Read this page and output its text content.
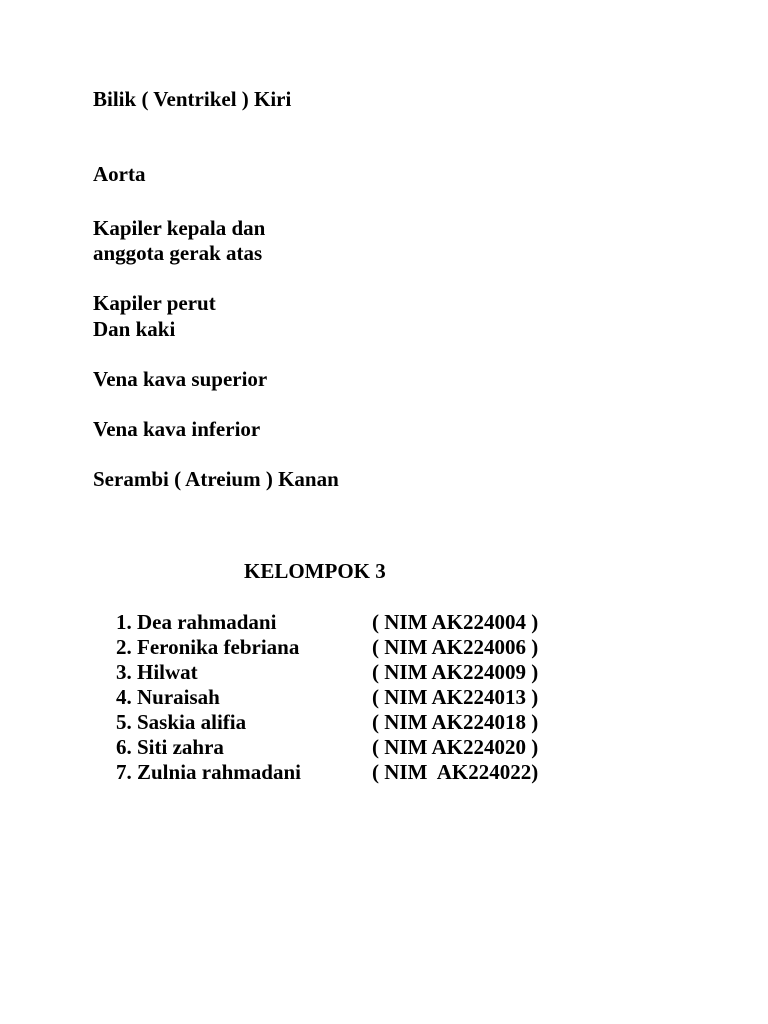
Bilik ( Ventrikel ) Kiri
Aorta
Kapiler kepala dan
anggota gerak atas
Kapiler perut
Dan kaki
Vena kava superior
Vena kava inferior
Serambi ( Atreium ) Kanan
KELOMPOK 3
1. Dea rahmadani	( NIM AK224004 )
2. Feronika febriana	( NIM AK224006 )
3. Hilwat	( NIM AK224009 )
4. Nuraisah	( NIM AK224013 )
5. Saskia alifia	( NIM AK224018 )
6. Siti zahra	( NIM AK224020 )
7. Zulnia rahmadani	( NIM  AK224022)
